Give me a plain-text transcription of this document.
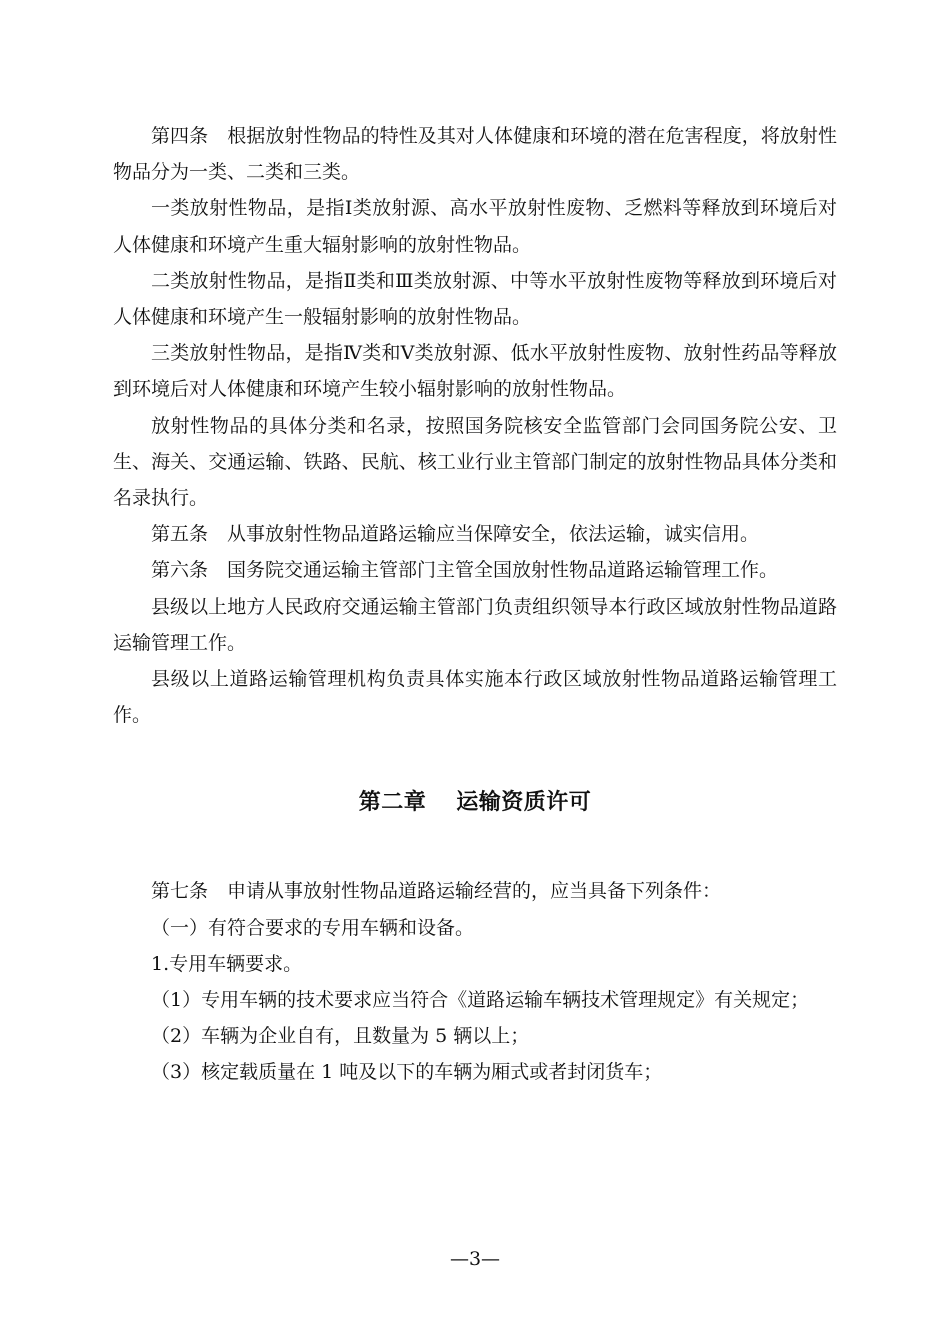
第四条　根据放射性物品的特性及其对人体健康和环境的潜在危害程度，将放射性物品分为一类、二类和三类。

一类放射性物品，是指Ⅰ类放射源、高水平放射性废物、乏燃料等释放到环境后对人体健康和环境产生重大辐射影响的放射性物品。

二类放射性物品，是指Ⅱ类和Ⅲ类放射源、中等水平放射性废物等释放到环境后对人体健康和环境产生一般辐射影响的放射性物品。

三类放射性物品，是指Ⅳ类和Ⅴ类放射源、低水平放射性废物、放射性药品等释放到环境后对人体健康和环境产生较小辐射影响的放射性物品。

放射性物品的具体分类和名录，按照国务院核安全监管部门会同国务院公安、卫生、海关、交通运输、铁路、民航、核工业行业主管部门制定的放射性物品具体分类和名录执行。

第五条　从事放射性物品道路运输应当保障安全，依法运输，诚实信用。

第六条　国务院交通运输主管部门主管全国放射性物品道路运输管理工作。

县级以上地方人民政府交通运输主管部门负责组织领导本行政区域放射性物品道路运输管理工作。

县级以上道路运输管理机构负责具体实施本行政区域放射性物品道路运输管理工作。

第二章 运输资质许可

第七条　申请从事放射性物品道路运输经营的，应当具备下列条件：

（一）有符合要求的专用车辆和设备。

1.专用车辆要求。

（1）专用车辆的技术要求应当符合《道路运输车辆技术管理规定》有关规定；

（2）车辆为企业自有，且数量为 5 辆以上；

（3）核定载质量在 1 吨及以下的车辆为厢式或者封闭货车；

—3—
